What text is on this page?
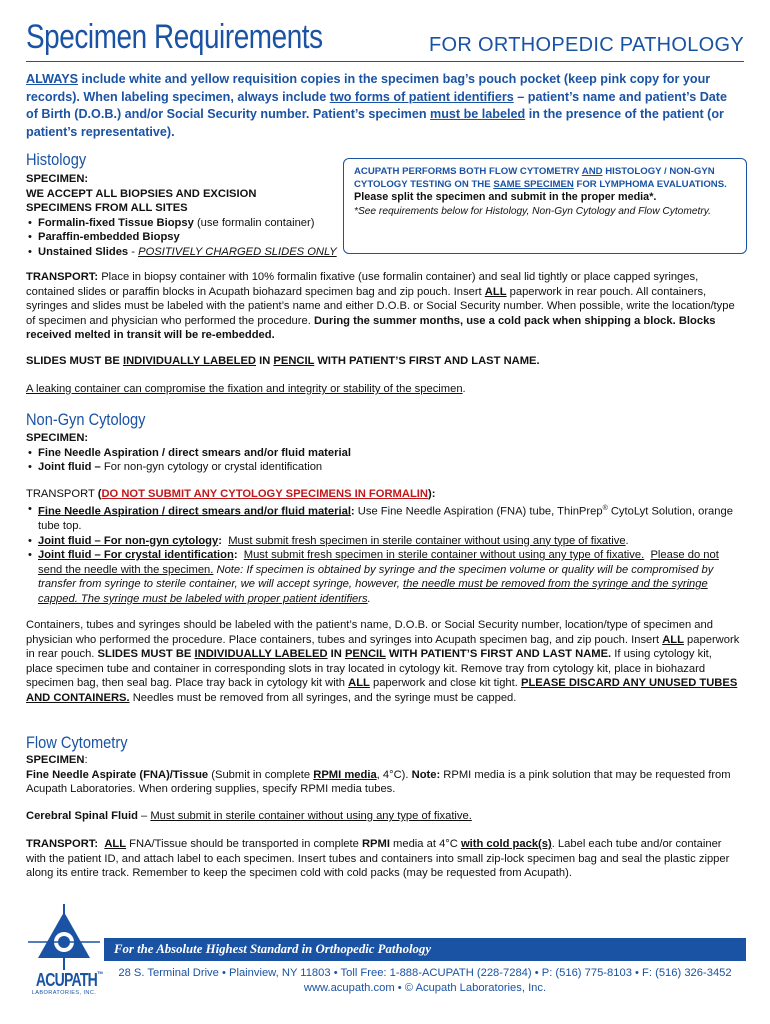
Specimen Requirements	FOR ORTHOPEDIC PATHOLOGY
ALWAYS include white and yellow requisition copies in the specimen bag’s pouch pocket (keep pink copy for your records). When labeling specimen, always include two forms of patient identifiers – patient’s name and patient’s Date of Birth (D.O.B.) and/or Social Security number. Patient’s specimen must be labeled in the presence of the patient (or patient’s representative).
Histology

SPECIMEN:

WE ACCEPT ALL BIOPSIES AND EXCISION

SPECIMENS FROM ALL SITES

• Formalin-fixed Tissue Biopsy (use formalin container)
• Paraffin-embedded Biopsy
• Unstained Slides - POSITIVELY CHARGED SLIDES ONLY

ACUPATH PERFORMS BOTH FLOW CYTOMETRY AND HISTOLOGY / NON-GYN CYTOLOGY TESTING ON THE SAME SPECIMEN FOR LYMPHOMA EVALUATIONS.

Please split the specimen and submit in the proper media*.

*See requirements below for Histology, Non-Gyn Cytology and Flow Cytometry.

TRANSPORT: Place in biopsy container with 10% formalin fixative (use formalin container) and seal lid tightly or place capped syringes, contained slides or paraffin blocks in Acupath biohazard specimen bag and zip pouch. Insert ALL paperwork in rear pouch. All containers, syringes and slides must be labeled with the patient’s name and either D.O.B. or Social Security number. When possible, write the location/type of specimen and physician who performed the procedure. During the summer months, use a cold pack when shipping a block. Blocks received melted in transit will be re-embedded.

SLIDES MUST BE INDIVIDUALLY LABELED IN PENCIL WITH PATIENT’S FIRST AND LAST NAME.
A leaking container can compromise the fixation and integrity or stability of the specimen.
Non-Gyn Cytology

SPECIMEN:

• Fine Needle Aspiration / direct smears and/or fluid material
• Joint fluid – For non-gyn cytology or crystal identification

TRANSPORT (DO NOT SUBMIT ANY CYTOLOGY SPECIMENS IN FORMALIN):

• Fine Needle Aspiration / direct smears and/or fluid material: Use Fine Needle Aspiration (FNA) tube, ThinPrep® CytoLyt Solution, orange tube top.
• Joint fluid – For non-gyn cytology: Must submit fresh specimen in sterile container without using any type of fixative.
• Joint fluid – For crystal identification: Must submit fresh specimen in sterile container without using any type of fixative. Please do not send the needle with the specimen. Note: If specimen is obtained by syringe and the specimen volume or quality will be compromised by transfer from syringe to sterile container, we will accept syringe, however, the needle must be removed from the syringe and the syringe capped. The syringe must be labeled with proper patient identifiers.

Containers, tubes and syringes should be labeled with the patient’s name, D.O.B. or Social Security number, location/type of specimen and physician who performed the procedure. Place containers, tubes and syringes into Acupath specimen bag, and zip pouch. Insert ALL paperwork in rear pouch. SLIDES MUST BE INDIVIDUALLY LABELED IN PENCIL WITH PATIENT’S FIRST AND LAST NAME. If using cytology kit, place specimen tube and container in corresponding slots in tray located in cytology kit. Remove tray from cytology kit, place in biohazard specimen bag, then seal bag. Place tray back in cytology kit with ALL paperwork and close kit tight. PLEASE DISCARD ANY UNUSED TUBES AND CONTAINERS. Needles must be removed from all syringes, and the syringe must be capped.

Flow Cytometry

SPECIMEN:

Fine Needle Aspirate (FNA)/Tissue (Submit in complete RPMI media, 4°C). Note: RPMI media is a pink solution that may be requested from Acupath Laboratories. When ordering supplies, specify RPMI media tubes.

Cerebral Spinal Fluid – Must submit in sterile container without using any type of fixative.

TRANSPORT: ALL FNA/Tissue should be transported in complete RPMI media at 4°C with cold pack(s). Label each tube and/or container with the patient ID, and attach label to each specimen. Insert tubes and containers into small zip-lock specimen bag and seal the plastic zipper along its entire track. Remember to keep the specimen cold with cold packs (may be requested from Acupath).

ACUPATH™
LABORATORIES, INC.
For the Absolute Highest Standard in Orthopedic Pathology

28 S. Terminal Drive • Plainview, NY 11803 • Toll Free: 1-888-ACUPATH (228-7284) • P: (516) 775-8103 • F: (516) 326-3452

www.acupath.com • © Acupath Laboratories, Inc.
